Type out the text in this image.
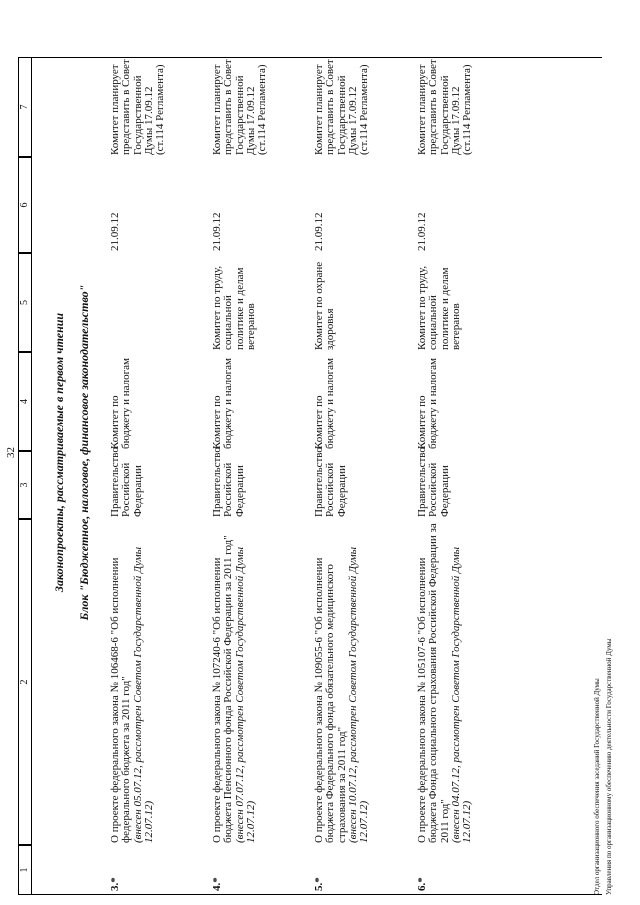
32
1
2
3
4
5
6
7
Законопроекты, рассматриваемые в первом чтении Блок "Бюджетное, налоговое, финансовое законодательство"
3.*
О проекте федерального закона № 106468-6 "Об исполнении федерального бюджета за 2011 год" (внесен 05.07.12, рассмотрен Советом Государственной Думы 12.07.12)
Правительство Российской Федерации
Комитет по бюджету и налогам
21.09.12
Комитет планирует представить в Совет Государственной Думы 17.09.12 (ст.114 Регламента)
4.*
О проекте федерального закона № 107240-6 "Об исполнении бюджета Пенсионного фонда Российской Федерации за 2011 год" (внесен 07.07.12, рассмотрен Советом Государственной Думы 12.07.12)
Правительство Российской Федерации
Комитет по бюджету и налогам
Комитет по труду, социальной политике и делам ветеранов
21.09.12
Комитет планирует представить в Совет Государственной Думы 17.09.12 (ст.114 Регламента)
5.*
О проекте федерального закона № 109055-6 "Об исполнении бюджета Федерального фонда обязательного медицинского страхования за 2011 год" (внесен 10.07.12, рассмотрен Советом Государственной Думы 12.07.12)
Правительство Российской Федерации
Комитет по бюджету и налогам
Комитет по охране здоровья
21.09.12
Комитет планирует представить в Совет Государственной Думы 17.09.12 (ст.114 Регламента)
6.*
О проекте федерального закона № 105107-6 "Об исполнении бюджета Фонда социального страхования Российской Федерации за 2011 год" (внесен 04.07.12, рассмотрен Советом Государственной Думы 12.07.12)
Правительство Российской Федерации
Комитет по бюджету и налогам
Комитет по труду, социальной политике и делам ветеранов
21.09.12
Комитет планирует представить в Совет Государственной Думы 17.09.12 (ст.114 Регламента)
Отдел организационного обеспечения заседаний Государственной Думы Управления по организационному обеспечению деятельности Государственной Думы
